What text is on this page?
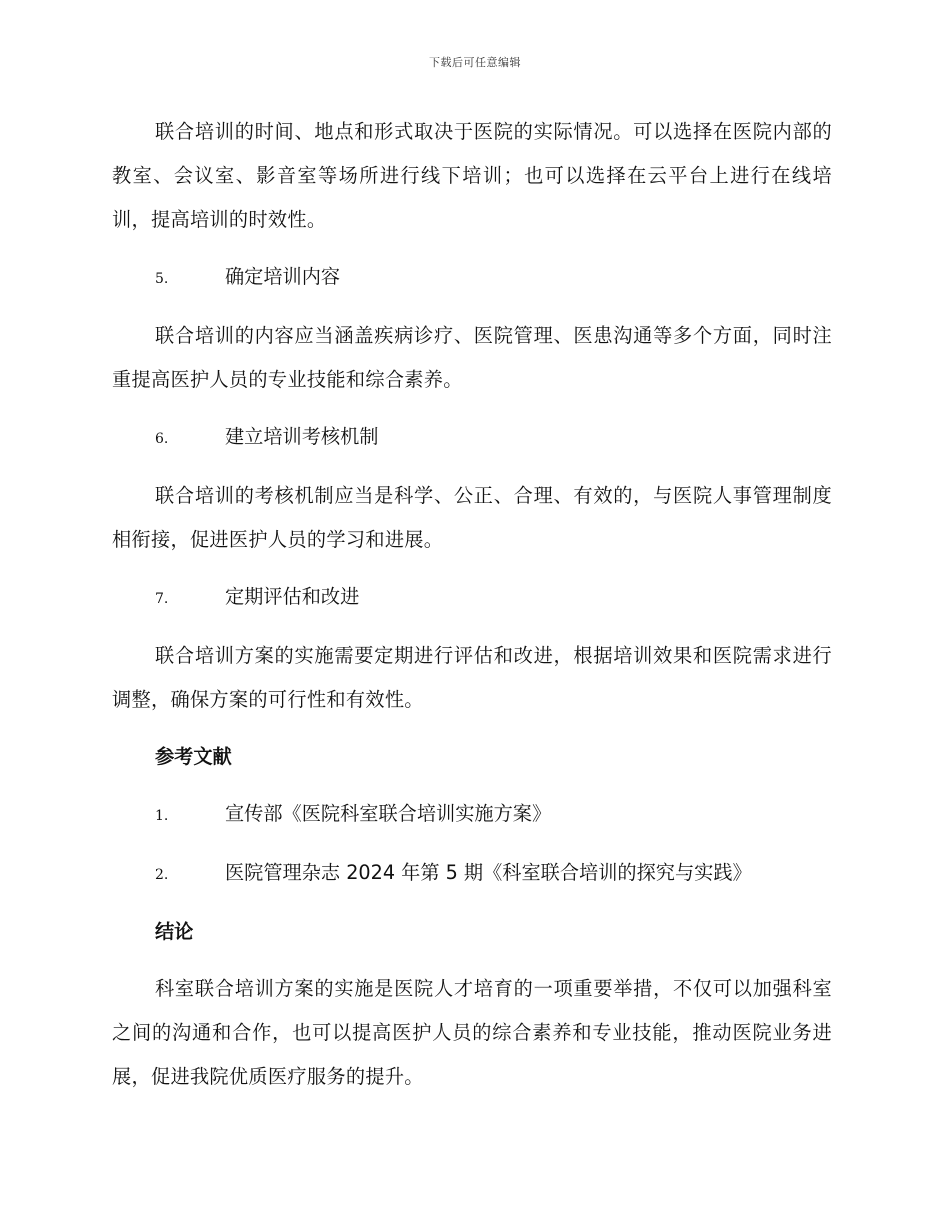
下载后可任意编辑

联合培训的时间、地点和形式取决于医院的实际情况。可以选择在医院内部的教室、会议室、影音室等场所进行线下培训；也可以选择在云平台上进行在线培训，提高培训的时效性。

5.	确定培训内容

联合培训的内容应当涵盖疾病诊疗、医院管理、医患沟通等多个方面，同时注重提高医护人员的专业技能和综合素养。

6.	建立培训考核机制

联合培训的考核机制应当是科学、公正、合理、有效的，与医院人事管理制度相衔接，促进医护人员的学习和进展。

7.	定期评估和改进

联合培训方案的实施需要定期进行评估和改进，根据培训效果和医院需求进行调整，确保方案的可行性和有效性。

参考文献
1.	宣传部《医院科室联合培训实施方案》
2.	医院管理杂志 2024 年第 5 期《科室联合培训的探究与实践》
结论

科室联合培训方案的实施是医院人才培育的一项重要举措，不仅可以加强科室之间的沟通和合作，也可以提高医护人员的综合素养和专业技能，推动医院业务进展，促进我院优质医疗服务的提升。
